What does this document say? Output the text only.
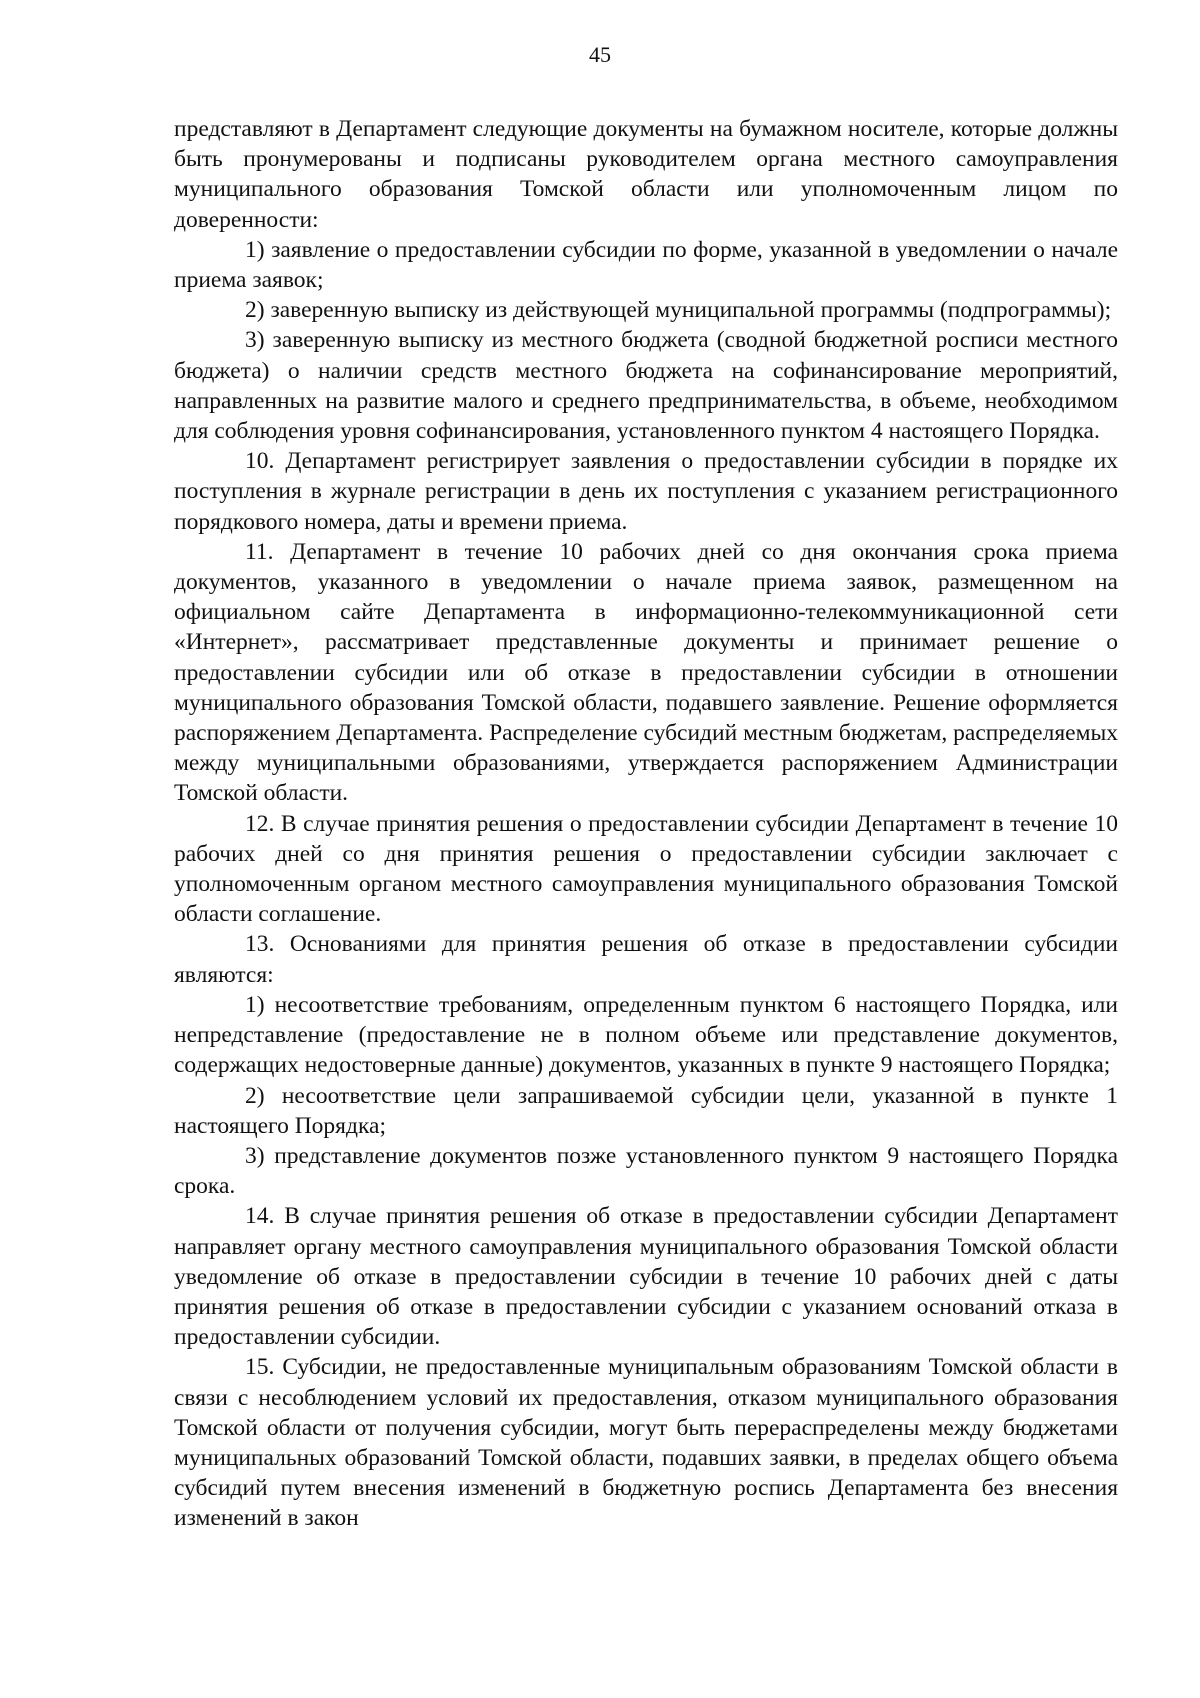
45

представляют в Департамент следующие документы на бумажном носителе, которые должны быть пронумерованы и подписаны руководителем органа местного самоуправления муниципального образования Томской области или уполномоченным лицом по доверенности:

1) заявление о предоставлении субсидии по форме, указанной в уведомлении о начале приема заявок;

2) заверенную выписку из действующей муниципальной программы (подпрограммы);

3) заверенную выписку из местного бюджета (сводной бюджетной росписи местного бюджета) о наличии средств местного бюджета на софинансирование мероприятий, направленных на развитие малого и среднего предпринимательства, в объеме, необходимом для соблюдения уровня софинансирования, установленного пунктом 4 настоящего Порядка.

10. Департамент регистрирует заявления о предоставлении субсидии в порядке их поступления в журнале регистрации в день их поступления с указанием регистрационного порядкового номера, даты и времени приема.

11. Департамент в течение 10 рабочих дней со дня окончания срока приема документов, указанного в уведомлении о начале приема заявок, размещенном на официальном сайте Департамента в информационно-телекоммуникационной сети «Интернет», рассматривает представленные документы и принимает решение о предоставлении субсидии или об отказе в предоставлении субсидии в отношении муниципального образования Томской области, подавшего заявление. Решение оформляется распоряжением Департамента. Распределение субсидий местным бюджетам, распределяемых между муниципальными образованиями, утверждается распоряжением Администрации Томской области.

12. В случае принятия решения о предоставлении субсидии Департамент в течение 10 рабочих дней со дня принятия решения о предоставлении субсидии заключает с уполномоченным органом местного самоуправления муниципального образования Томской области соглашение.

13. Основаниями для принятия решения об отказе в предоставлении субсидии являются:

1) несоответствие требованиям, определенным пунктом 6 настоящего Порядка, или непредставление (предоставление не в полном объеме или представление документов, содержащих недостоверные данные) документов, указанных в пункте 9 настоящего Порядка;

2) несоответствие цели запрашиваемой субсидии цели, указанной в пункте 1 настоящего Порядка;

3) представление документов позже установленного пунктом 9 настоящего Порядка срока.

14. В случае принятия решения об отказе в предоставлении субсидии Департамент направляет органу местного самоуправления муниципального образования Томской области уведомление об отказе в предоставлении субсидии в течение 10 рабочих дней с даты принятия решения об отказе в предоставлении субсидии с указанием оснований отказа в предоставлении субсидии.

15. Субсидии, не предоставленные муниципальным образованиям Томской области в связи с несоблюдением условий их предоставления, отказом муниципального образования Томской области от получения субсидии, могут быть перераспределены между бюджетами муниципальных образований Томской области, подавших заявки, в пределах общего объема субсидий путем внесения изменений в бюджетную роспись Департамента без внесения изменений в закон
